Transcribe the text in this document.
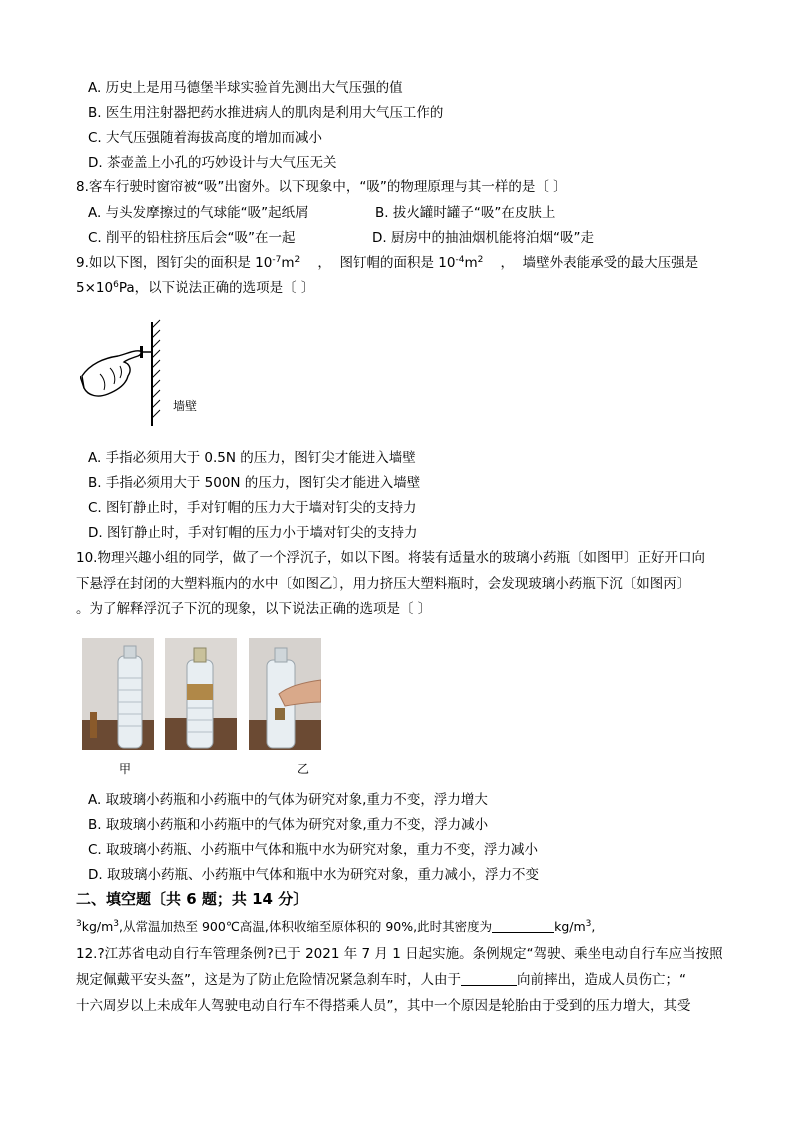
A. 历史上是用马德堡半球实验首先测出大气压强的值
B. 医生用注射器把药水推进病人的肌肉是利用大气压工作的
C. 大气压强随着海拔高度的增加而减小
D. 茶壶盖上小孔的巧妙设计与大气压无关
8.客车行驶时窗帘被“吸”出窗外。以下现象中，“吸”的物理原理与其一样的是〔 〕
A. 与头发摩擦过的气球能“吸”起纸屑	B. 拔火罐时罐子“吸”在皮肤上
C. 削平的铅柱挤压后会“吸”在一起	D. 厨房中的抽油烟机能将泊烟“吸”走
9.如以下图，图钉尖的面积是 $10^{-7}m^2$    ，  图钉帽的面积是 $10^{-4}m^2$    ，  墙壁外表能承受的最大压强是
$5\times 10^6Pa$，以下说法正确的选项是〔 〕
墙壁
A. 手指必须用大于 0.5N 的压力，图钉尖才能进入墙壁
B. 手指必须用大于 500N 的压力，图钉尖才能进入墙壁
C. 图钉静止时，手对钉帽的压力大于墙对钉尖的支持力
D. 图钉静止时，手对钉帽的压力小于墙对钉尖的支持力
10.物理兴趣小组的同学，做了一个浮沉子，如以下图。将装有适量水的玻璃小药瓶〔如图甲〕正好开口向
下悬浮在封闭的大塑料瓶内的水中〔如图乙〕，用力挤压大塑料瓶时，会发现玻璃小药瓶下沉〔如图丙〕
。为了解释浮沉子下沉的现象，以下说法正确的选项是〔 〕
甲	乙
A. 取玻璃小药瓶和小药瓶中的气体为研究对象,重力不变，浮力增大
B. 取玻璃小药瓶和小药瓶中的气体为研究对象,重力不变，浮力减小
C. 取玻璃小药瓶、小药瓶中气体和瓶中水为研究对象，重力不变，浮力减小
D. 取玻璃小药瓶、小药瓶中气体和瓶中水为研究对象，重力减小，浮力不变
二、填空题〔共 6 题；共 14 分〕
$^3kg/m^3$,从常温加热至 900℃高温,体积收缩至原体积的 90%,此时其密度为	$kg/m^3$,
12.?江苏省电动自行车管理条例?已于 2021 年 7 月 1 日起实施。条例规定“驾驶、乘坐电动自行车应当按照
规定佩戴平安头盔”，这是为了防止危险情况紧急刹车时，人由于	向前摔出，造成人员伤亡；“
十六周岁以上未成年人驾驶电动自行车不得搭乘人员”，其中一个原因是轮胎由于受到的压力增大，其受
